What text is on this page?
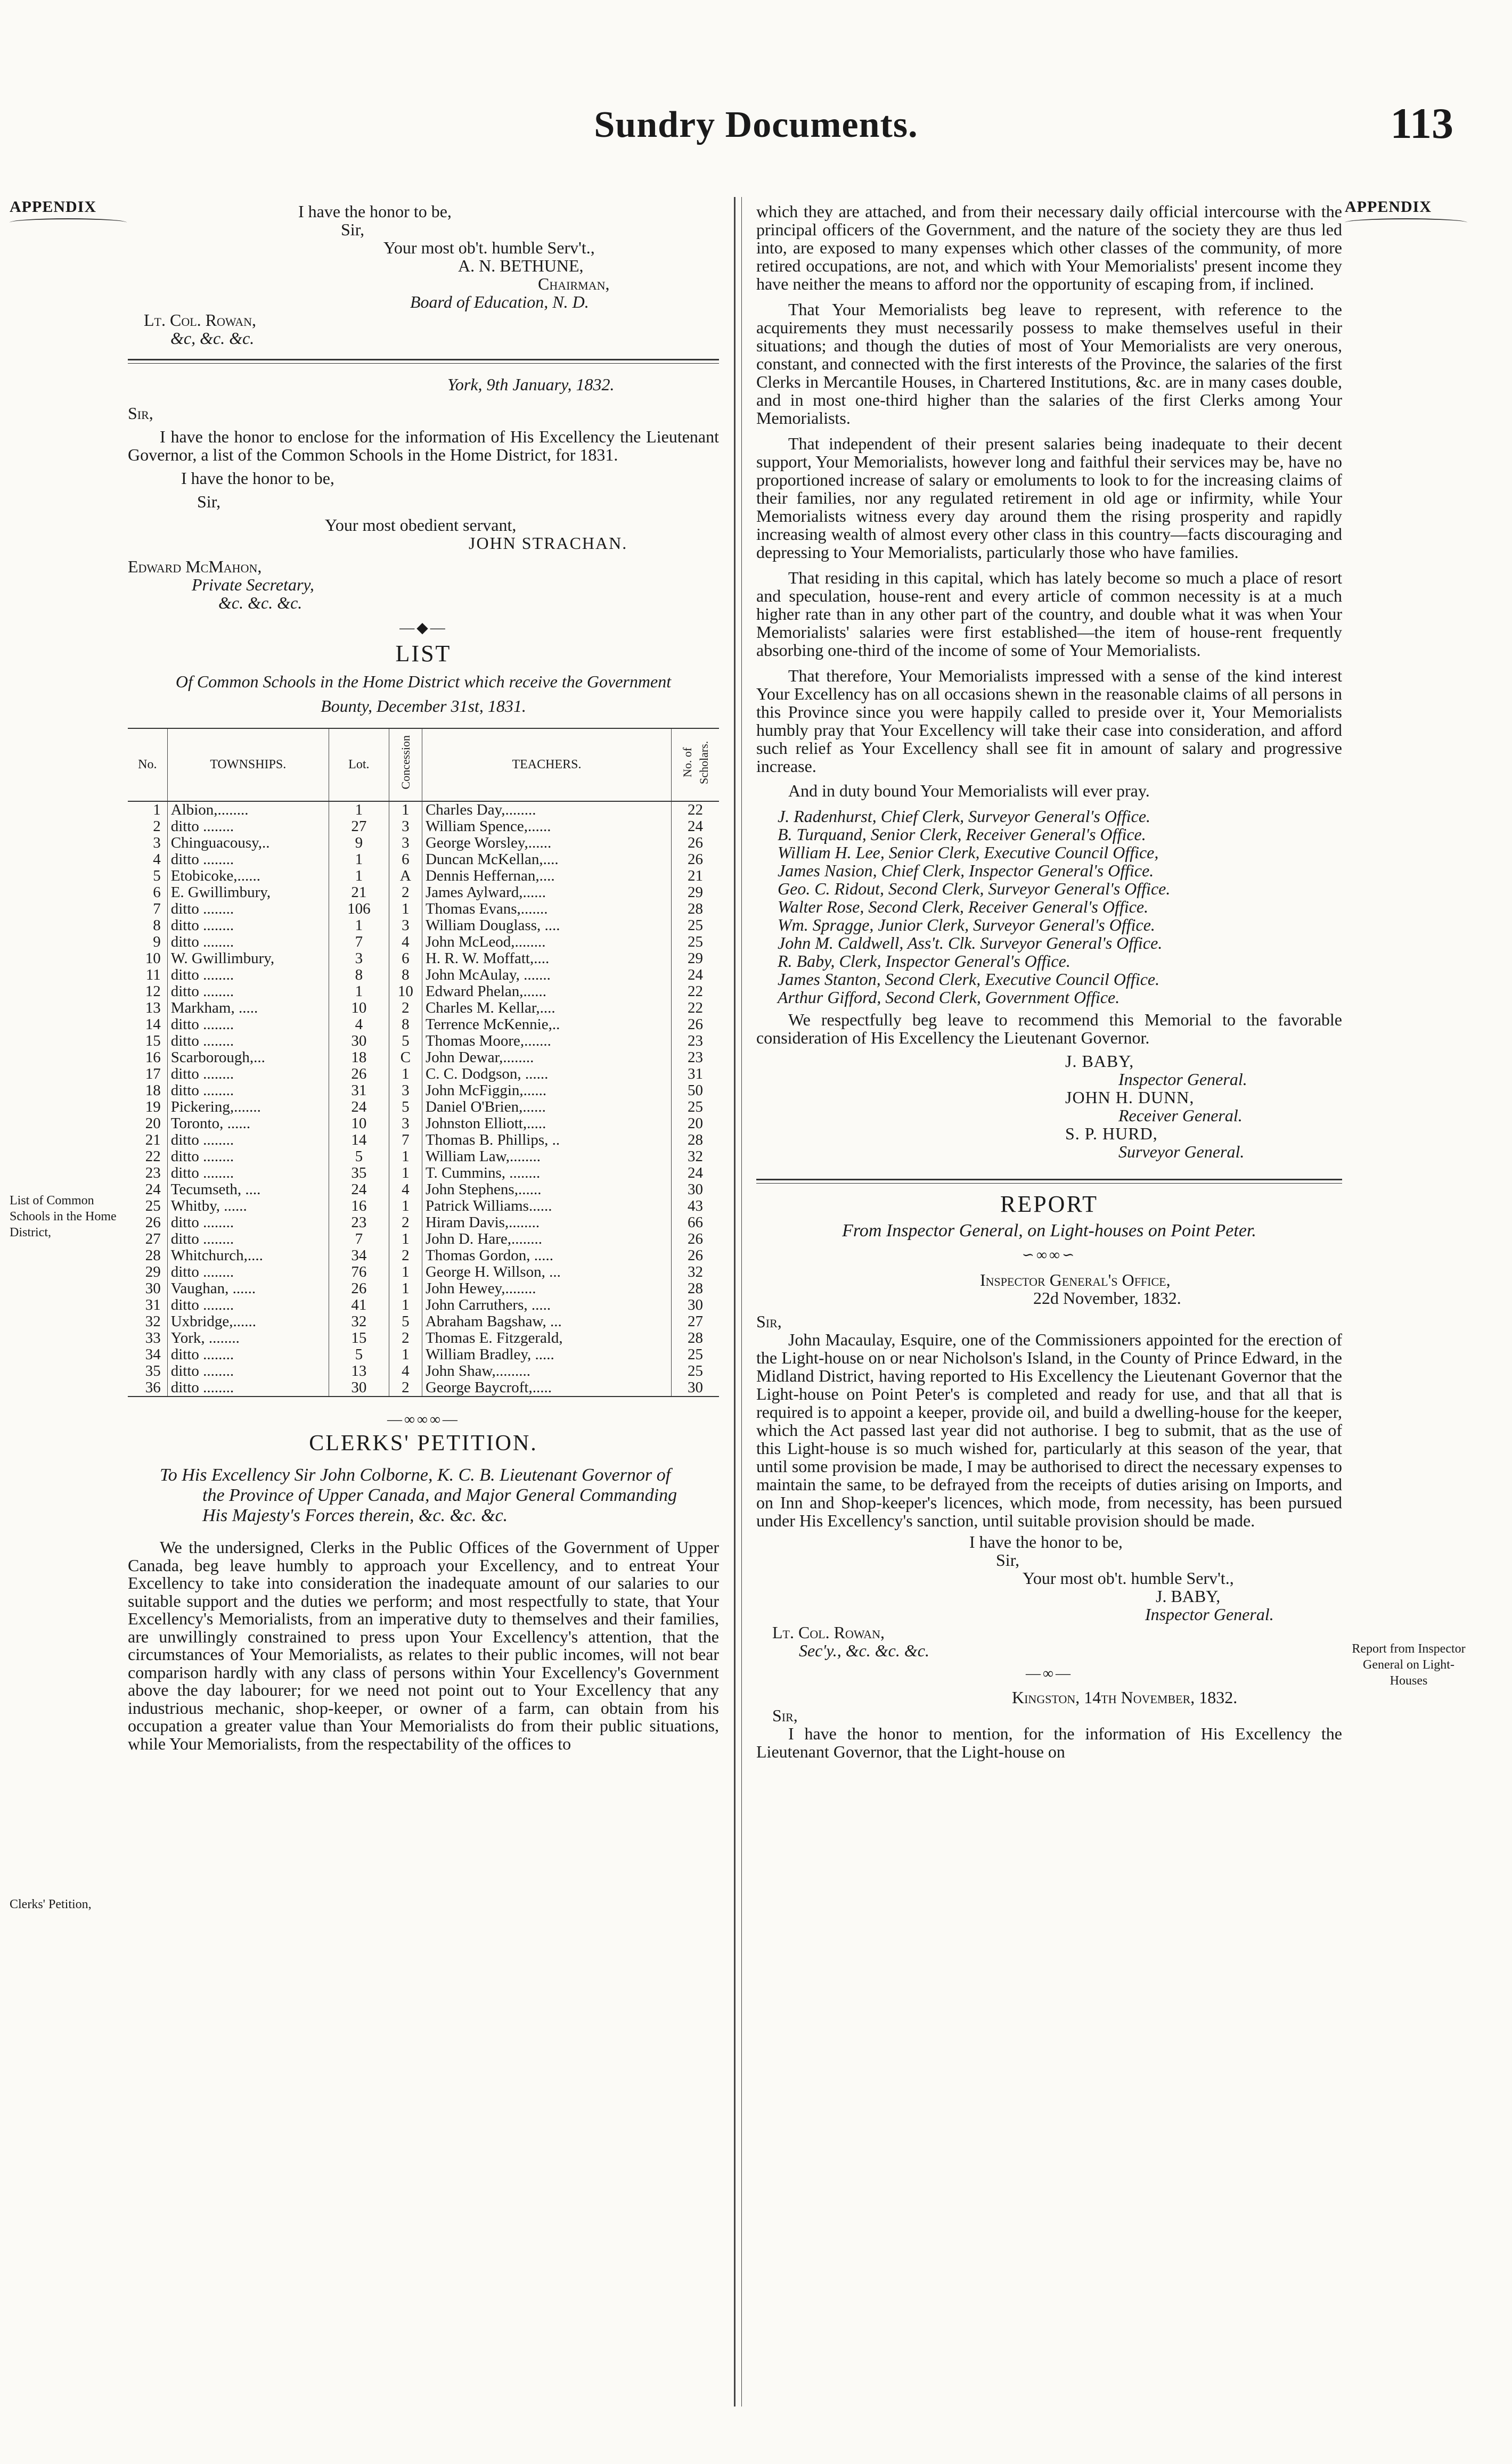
Sundry Documents.	113
APPENDIX	APPENDIX
List of Common Schools in the Home District,
Clerks' Petition,
Report from Inspector General on Light-Houses

I have the honor to be,

Sir,

Your most ob't. humble Serv't.,

A. N. BETHUNE,

Chairman,

Board of Education, N. D.

Lt. Col. Rowan,

&c, &c. &c.

York, 9th January, 1832.

Sir,

I have the honor to enclose for the information of His Excellency the Lieutenant Governor, a list of the Common Schools in the Home District, for 1831.

I have the honor to be,

Sir,

Your most obedient servant,

JOHN STRACHAN.

Edward McMahon,

Private Secretary,

&c. &c. &c.

—◆—
LIST

Of Common Schools in the Home District which receive the Government Bounty, December 31st, 1831.

No.	TOWNSHIPS.	Lot.	Concession	TEACHERS.	No. of Scholars.
1	Albion,........	1	1	Charles Day,........	22
2	ditto ........	27	3	William Spence,......	24
3	Chinguacousy,..	9	3	George Worsley,......	26
4	ditto ........	1	6	Duncan McKellan,....	26
5	Etobicoke,......	1	A	Dennis Heffernan,....	21
6	E. Gwillimbury,	21	2	James Aylward,......	29
7	ditto ........	106	1	Thomas Evans,.......	28
8	ditto ........	1	3	William Douglass, ....	25
9	ditto ........	7	4	John McLeod,........	25
10	W. Gwillimbury,	3	6	H. R. W. Moffatt,....	29
11	ditto ........	8	8	John McAulay, .......	24
12	ditto ........	1	10	Edward Phelan,......	22
13	Markham, .....	10	2	Charles M. Kellar,....	22
14	ditto ........	4	8	Terrence McKennie,..	26
15	ditto ........	30	5	Thomas Moore,.......	23
16	Scarborough,...	18	C	John Dewar,........	23
17	ditto ........	26	1	C. C. Dodgson, ......	31
18	ditto ........	31	3	John McFiggin,......	50
19	Pickering,.......	24	5	Daniel O'Brien,......	25
20	Toronto, ......	10	3	Johnston Elliott,.....	20
21	ditto ........	14	7	Thomas B. Phillips, ..	28
22	ditto ........	5	1	William Law,........	32
23	ditto ........	35	1	T. Cummins, ........	24
24	Tecumseth, ....	24	4	John Stephens,......	30
25	Whitby, ......	16	1	Patrick Williams......	43
26	ditto ........	23	2	Hiram Davis,........	66
27	ditto ........	7	1	John D. Hare,........	26
28	Whitchurch,....	34	2	Thomas Gordon, .....	26
29	ditto ........	76	1	George H. Willson, ...	32
30	Vaughan, ......	26	1	John Hewey,........	28
31	ditto ........	41	1	John Carruthers, .....	30
32	Uxbridge,......	32	5	Abraham Bagshaw, ...	27
33	York, ........	15	2	Thomas E. Fitzgerald,	28
34	ditto ........	5	1	William Bradley, .....	25
35	ditto ........	13	4	John Shaw,.........	25
36	ditto ........	30	2	George Baycroft,.....	30
—∞∞∞—
CLERKS' PETITION.

To His Excellency Sir John Colborne, K. C. B. Lieutenant Governor of the Province of Upper Canada, and Major General Commanding His Majesty's Forces therein, &c. &c. &c.

We the undersigned, Clerks in the Public Offices of the Government of Upper Canada, beg leave humbly to approach your Excellency, and to entreat Your Excellency to take into consideration the inadequate amount of our salaries to our suitable support and the duties we perform; and most respectfully to state, that Your Excellency's Memorialists, from an imperative duty to themselves and their families, are unwillingly constrained to press upon Your Excellency's attention, that the circumstances of Your Memorialists, as relates to their public incomes, will not bear comparison hardly with any class of persons within Your Excellency's Government above the day labourer; for we need not point out to Your Excellency that any industrious mechanic, shop-keeper, or owner of a farm, can obtain from his occupation a greater value than Your Memorialists do from their public situations, while Your Memorialists, from the respectability of the offices to

which they are attached, and from their necessary daily official intercourse with the principal officers of the Government, and the nature of the society they are thus led into, are exposed to many expenses which other classes of the community, of more retired occupations, are not, and which with Your Memorialists' present income they have neither the means to afford nor the opportunity of escaping from, if inclined.

That Your Memorialists beg leave to represent, with reference to the acquirements they must necessarily possess to make themselves useful in their situations; and though the duties of most of Your Memorialists are very onerous, constant, and connected with the first interests of the Province, the salaries of the first Clerks in Mercantile Houses, in Chartered Institutions, &c. are in many cases double, and in most one-third higher than the salaries of the first Clerks among Your Memorialists.

That independent of their present salaries being inadequate to their decent support, Your Memorialists, however long and faithful their services may be, have no proportioned increase of salary or emoluments to look to for the increasing claims of their families, nor any regulated retirement in old age or infirmity, while Your Memorialists witness every day around them the rising prosperity and rapidly increasing wealth of almost every other class in this country—facts discouraging and depressing to Your Memorialists, particularly those who have families.

That residing in this capital, which has lately become so much a place of resort and speculation, house-rent and every article of common necessity is at a much higher rate than in any other part of the country, and double what it was when Your Memorialists' salaries were first established—the item of house-rent frequently absorbing one-third of the income of some of Your Memorialists.

That therefore, Your Memorialists impressed with a sense of the kind interest Your Excellency has on all occasions shewn in the reasonable claims of all persons in this Province since you were happily called to preside over it, Your Memorialists humbly pray that Your Excellency will take their case into consideration, and afford such relief as Your Excellency shall see fit in amount of salary and progressive increase.

And in duty bound Your Memorialists will ever pray.

J. Radenhurst, Chief Clerk, Surveyor General's Office.

B. Turquand, Senior Clerk, Receiver General's Office.

William H. Lee, Senior Clerk, Executive Council Office,

James Nasion, Chief Clerk, Inspector General's Office.

Geo. C. Ridout, Second Clerk, Surveyor General's Office.

Walter Rose, Second Clerk, Receiver General's Office.

Wm. Spragge, Junior Clerk, Surveyor General's Office.

John M. Caldwell, Ass't. Clk. Surveyor General's Office.

R. Baby, Clerk, Inspector General's Office.

James Stanton, Second Clerk, Executive Council Office.

Arthur Gifford, Second Clerk, Government Office.

We respectfully beg leave to recommend this Memorial to the favorable consideration of His Excellency the Lieutenant Governor.

J. BABY,

Inspector General.

JOHN H. DUNN,

Receiver General.

S. P. HURD,

Surveyor General.

REPORT

From Inspector General, on Light-houses on Point Peter.

∽∞∞∽

Inspector General's Office,

22d November, 1832.

Sir,

John Macaulay, Esquire, one of the Commissioners appointed for the erection of the Light-house on or near Nicholson's Island, in the County of Prince Edward, in the Midland District, having reported to His Excellency the Lieutenant Governor that the Light-house on Point Peter's is completed and ready for use, and that all that is required is to appoint a keeper, provide oil, and build a dwelling-house for the keeper, which the Act passed last year did not authorise. I beg to submit, that as the use of this Light-house is so much wished for, particularly at this season of the year, that until some provision be made, I may be authorised to direct the necessary expenses to maintain the same, to be defrayed from the receipts of duties arising on Imports, and on Inn and Shop-keeper's licences, which mode, from necessity, has been pursued under His Excellency's sanction, until suitable provision should be made.

I have the honor to be,

Sir,

Your most ob't. humble Serv't.,

J. BABY,

Inspector General.

Lt. Col. Rowan,

Sec'y., &c. &c. &c.

—∞—

Kingston, 14th November, 1832.

Sir,

I have the honor to mention, for the information of His Excellency the Lieutenant Governor, that the Light-house on
